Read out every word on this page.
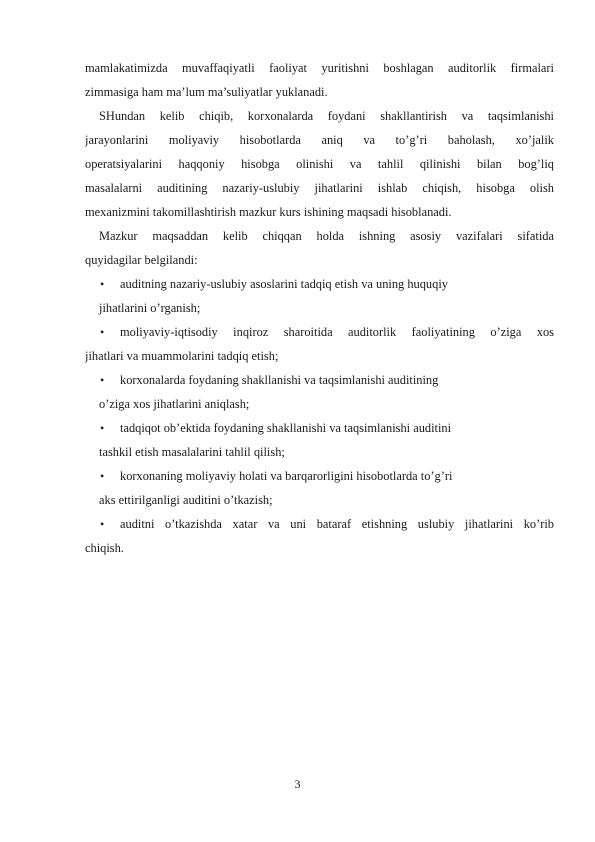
mamlakatimizda muvaffaqiyatli faoliyat yuritishni boshlagan auditorlik firmalari
zimmasiga ham ma’lum ma’suliyatlar yuklanadi.
SHundan kelib chiqib, korxonalarda foydani shakllantirish va taqsimlanishi
jarayonlarini moliyaviy hisobotlarda aniq va to’g’ri baholash, xo’jalik
operatsiyalarini haqqoniy hisobga olinishi va tahlil qilinishi bilan bog’liq
masalalarni auditining nazariy-uslubiy jihatlarini ishlab chiqish, hisobga olish
mexanizmini takomillashtirish mazkur kurs ishining maqsadi hisoblanadi.
Mazkur maqsaddan kelib chiqqan holda ishning asosiy vazifalari sifatida
quyidagilar belgilandi:
• auditning nazariy-uslubiy asoslarini tadqiq etish va uning huquqiy
jihatlarini o’rganish;
• moliyaviy-iqtisodiy inqiroz sharoitida auditorlik faoliyatining o’ziga xos
jihatlari va muammolarini tadqiq etish;
• korxonalarda foydaning shakllanishi va taqsimlanishi auditining
o’ziga xos jihatlarini aniqlash;
• tadqiqot ob’ektida foydaning shakllanishi va taqsimlanishi auditini
tashkil etish masalalarini tahlil qilish;
• korxonaning moliyaviy holati va barqarorligini hisobotlarda to’g’ri
aks ettirilganligi auditini o’tkazish;
• auditni o’tkazishda xatar va uni bataraf etishning uslubiy jihatlarini ko’rib
chiqish.
3
